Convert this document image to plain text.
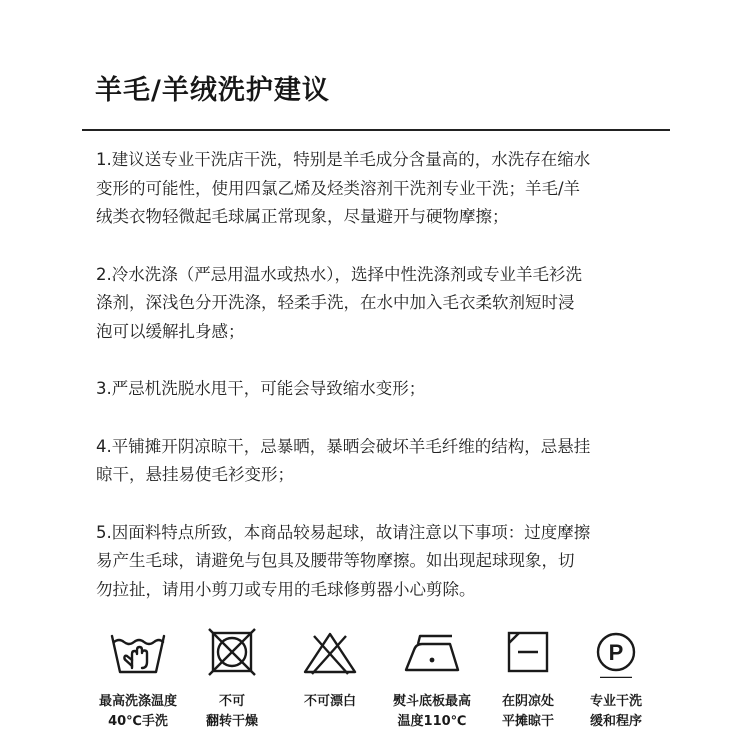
羊毛/羊绒洗护建议

1.建议送专业干洗店干洗，特别是羊毛成分含量高的，水洗存在缩水
变形的可能性，使用四氯乙烯及烃类溶剂干洗剂专业干洗；羊毛/羊
绒类衣物轻微起毛球属正常现象，尽量避开与硬物摩擦；

2.冷水洗涤（严忌用温水或热水），选择中性洗涤剂或专业羊毛衫洗
涤剂，深浅色分开洗涤，轻柔手洗，在水中加入毛衣柔软剂短时浸
泡可以缓解扎身感；

3.严忌机洗脱水甩干，可能会导致缩水变形；

4.平铺摊开阴凉晾干，忌暴晒，暴晒会破坏羊毛纤维的结构，忌悬挂
晾干，悬挂易使毛衫变形；

5.因面料特点所致，本商品较易起球，故请注意以下事项：过度摩擦
易产生毛球，请避免与包具及腰带等物摩擦。如出现起球现象，切
勿拉扯，请用小剪刀或专用的毛球修剪器小心剪除。

最高洗涤温度
40℃手洗
不可
翻转干燥
不可漂白	熨斗底板最高
温度110℃
在阴凉处
平摊晾干
P
专业干洗
缓和程序
